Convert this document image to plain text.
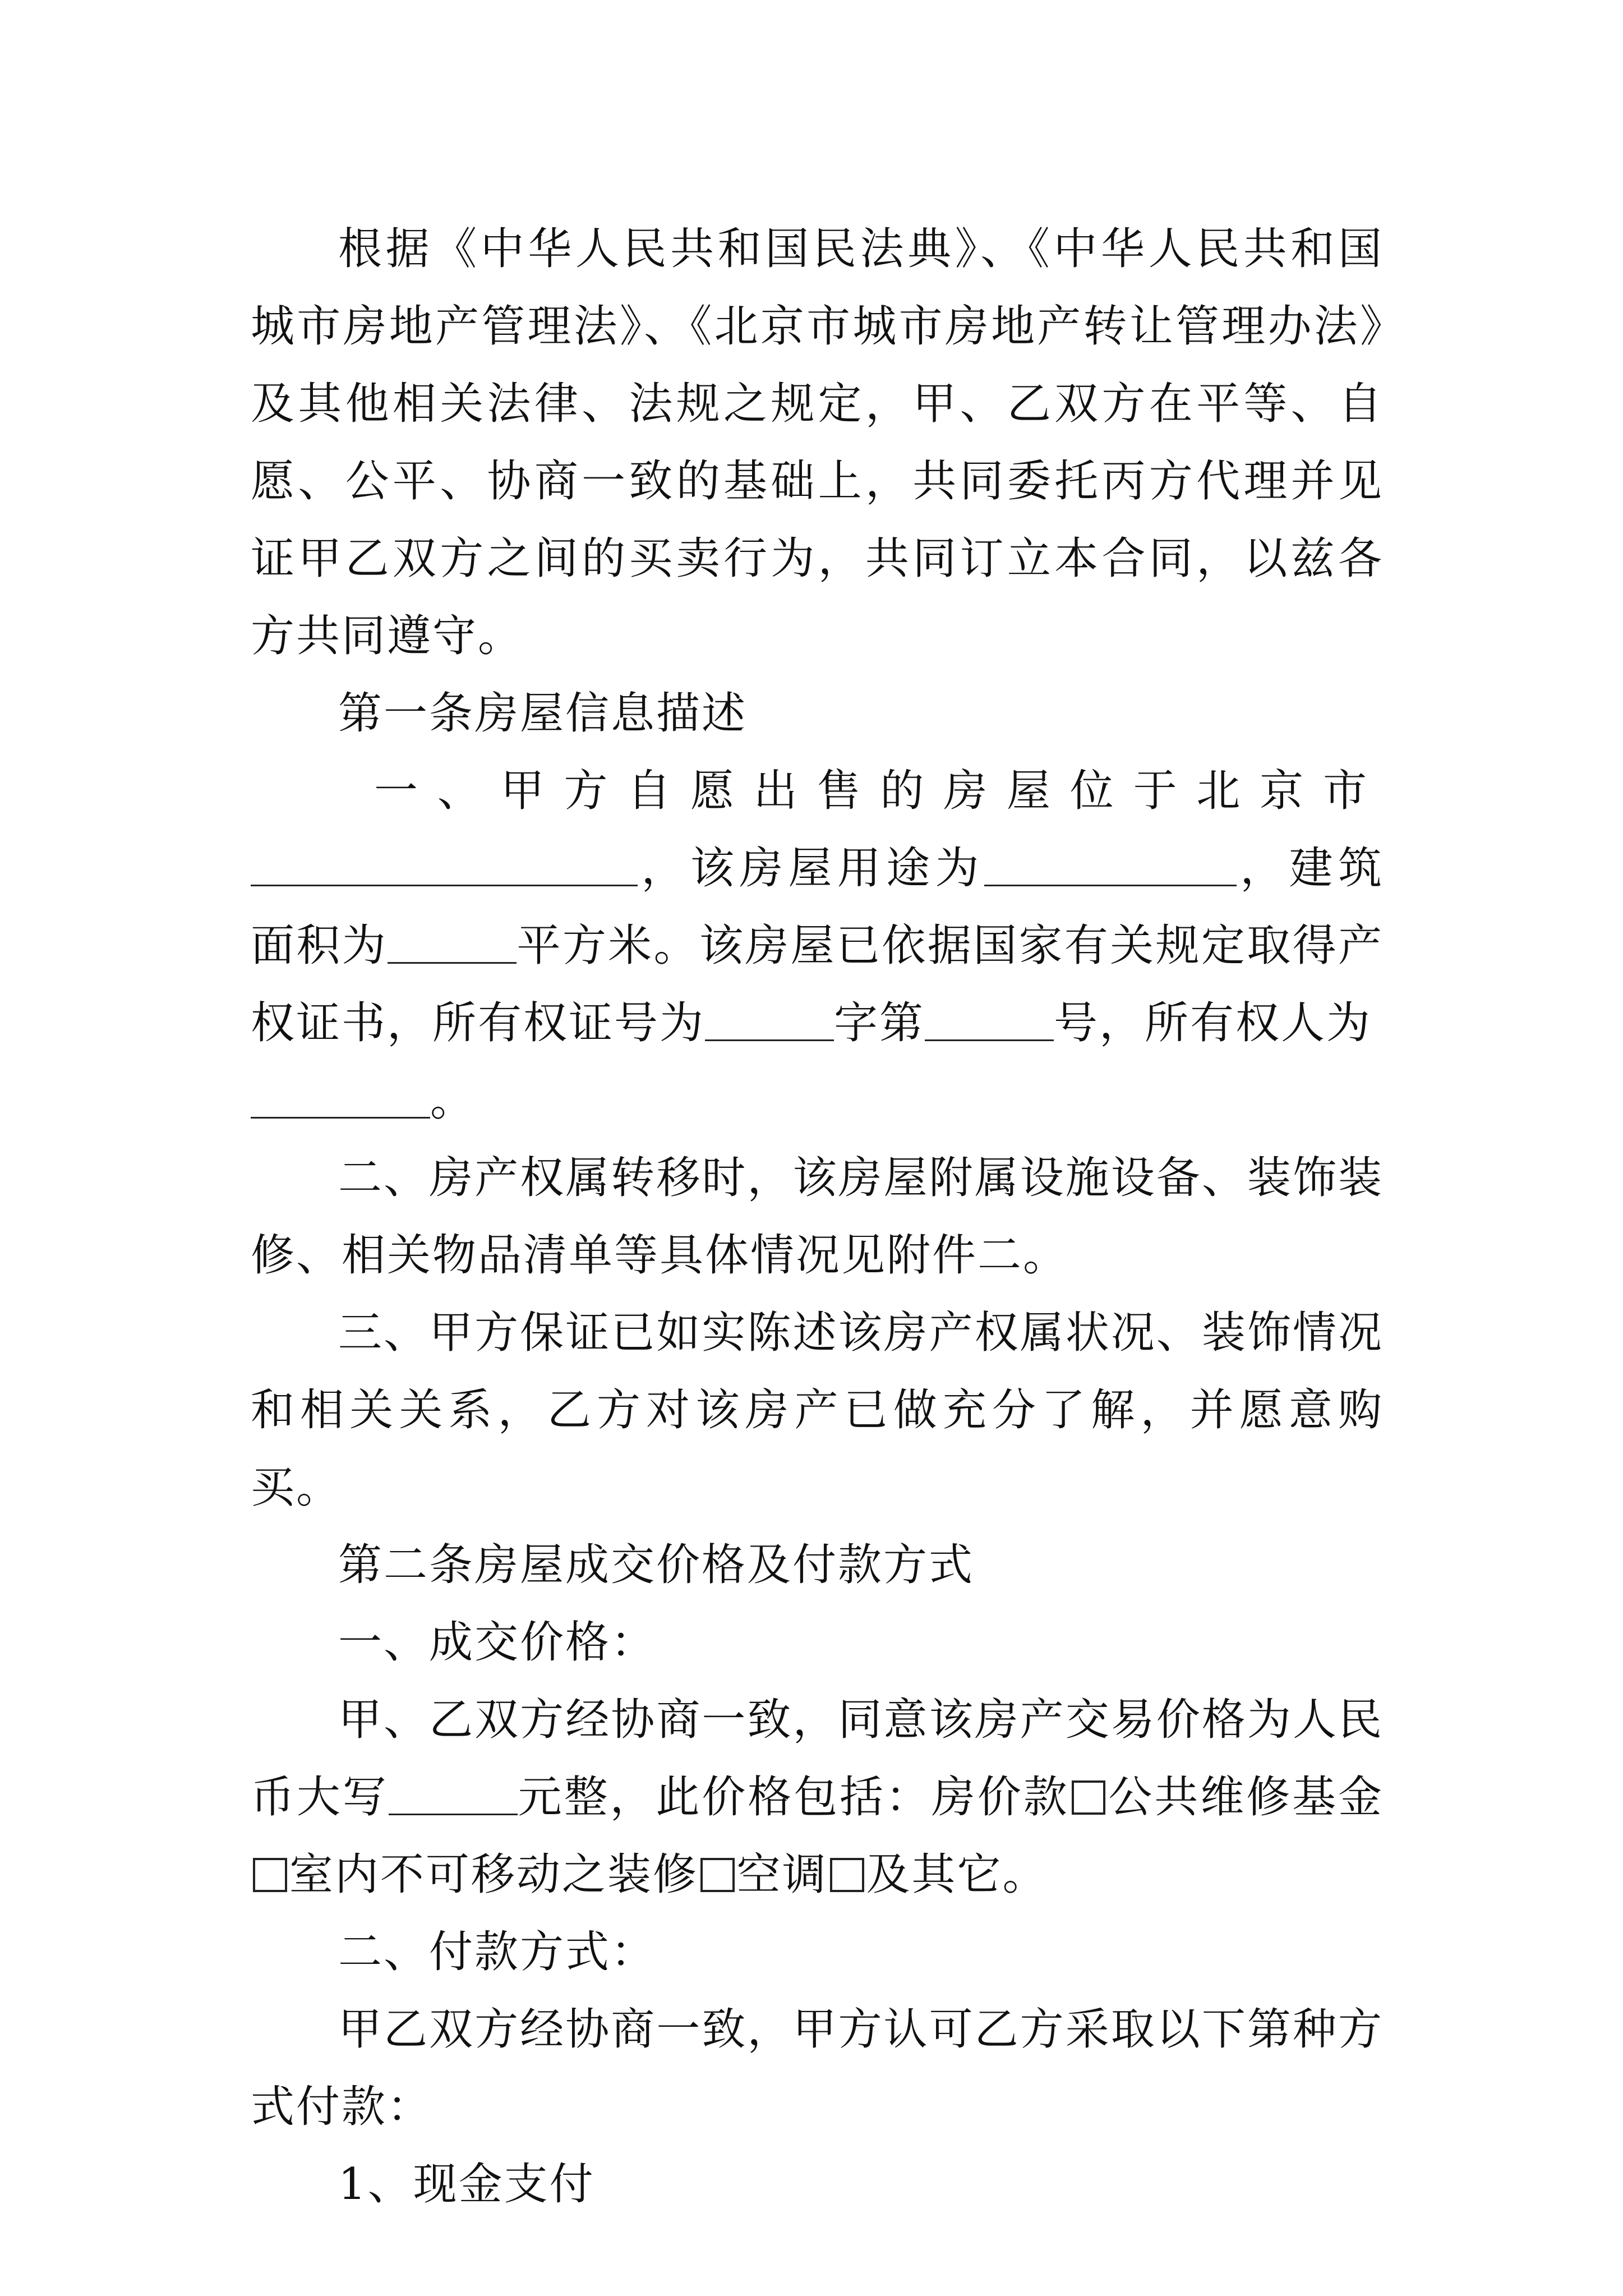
根据《中华人民共和国民法典》、《中华人民共和国城市房地产管理法》、《北京市城市房地产转让管理办法》及其他相关法律、法规之规定，甲、乙双方在平等、自愿、公平、协商一致的基础上，共同委托丙方代理并见证甲乙双方之间的买卖行为，共同订立本合同，以兹各方共同遵守。

第一条房屋信息描述

一、甲方自愿出售的房屋位于北京市
，该房屋用途为	，建筑面积为	平方米。该房屋已依据国家有关规定取得产权证书，所有权证号为	字第	号，所有权人为
。

二、房产权属转移时，该房屋附属设施设备、装饰装修、相关物品清单等具体情况见附件二。

三、甲方保证已如实陈述该房产权属状况、装饰情况和相关关系，乙方对该房产已做充分了解，并愿意购买。

第二条房屋成交价格及付款方式

一、成交价格：

甲、乙双方经协商一致，同意该房产交易价格为人民币大写	元整，此价格包括：房价款 公共维修基金室内不可移动之装修 空调 及其它。

二、付款方式：

甲乙双方经协商一致，甲方认可乙方采取以下第种方式付款：

1、现金支付
